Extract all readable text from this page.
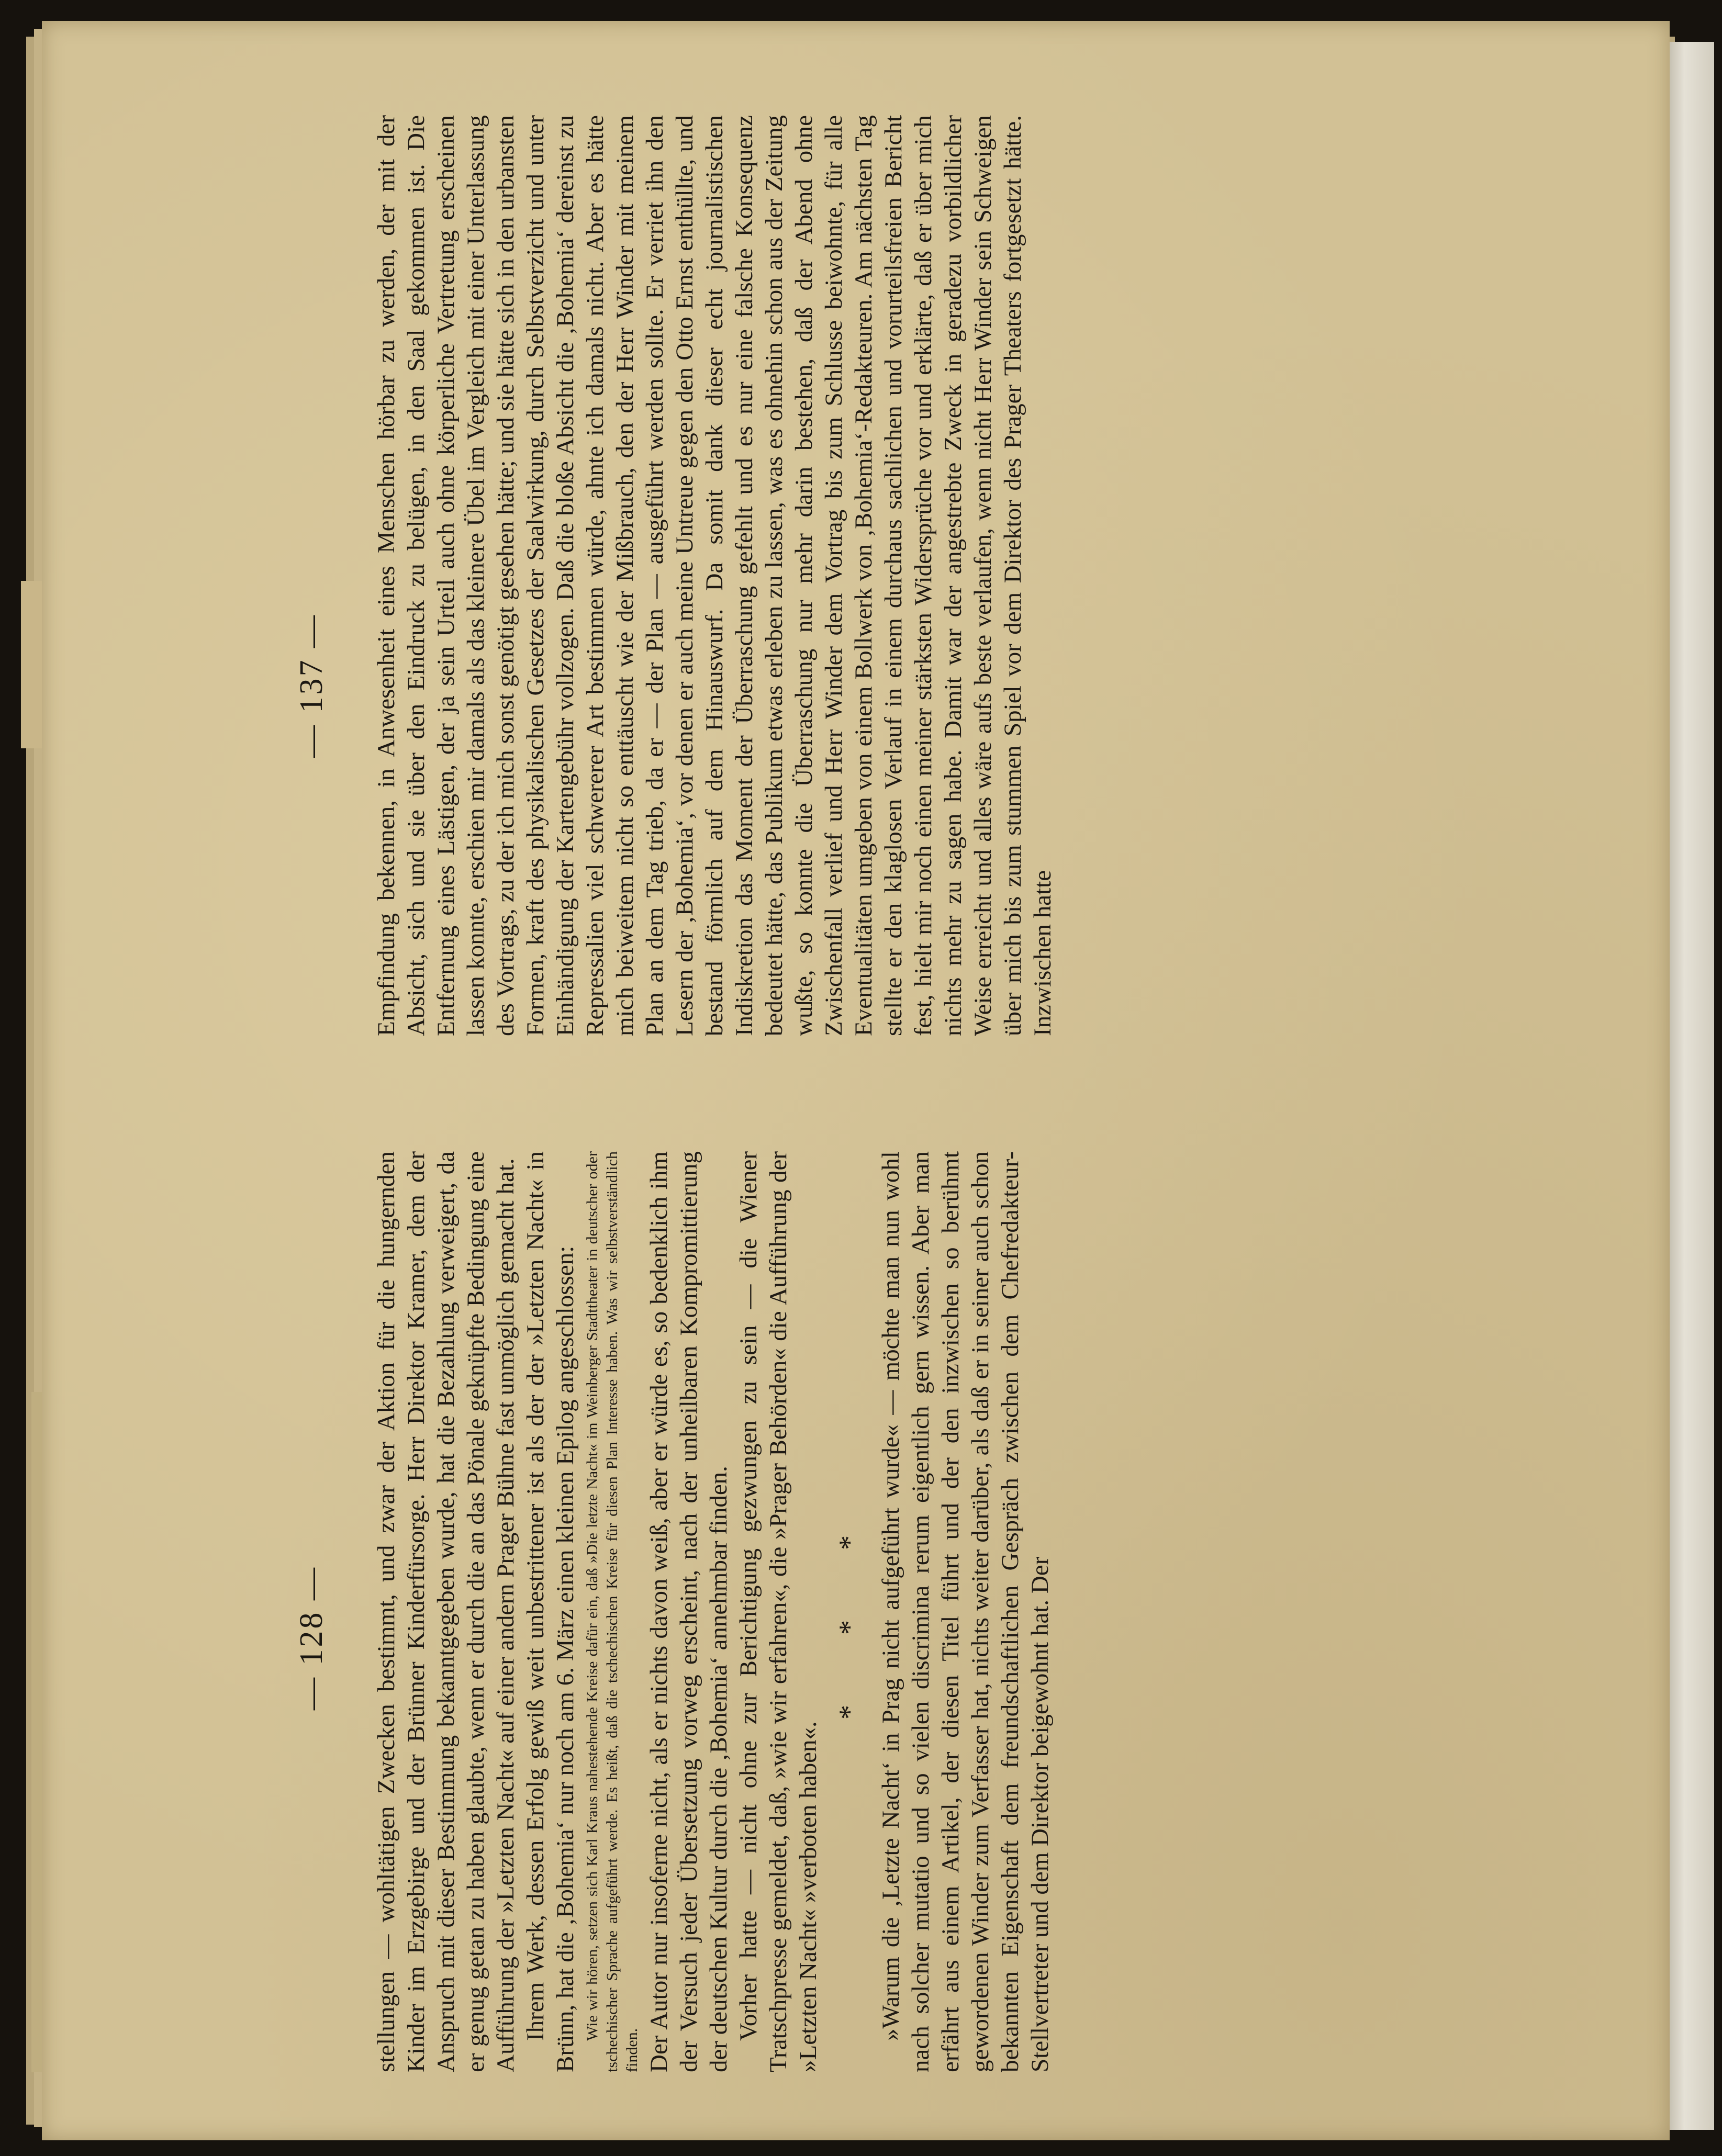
— 137 —
— 128 —

Empfindung bekennen, in Anwesenheit eines Menschen hörbar zu werden, der mit der Absicht, sich und sie über den Eindruck zu belügen, in den Saal gekommen ist. Die Entfernung eines Lästigen, der ja sein Urteil auch ohne körperliche Vertretung erscheinen lassen konnte, erschien mir damals als das kleinere Übel im Vergleich mit einer Unterlassung des Vortrags, zu der ich mich sonst genötigt gesehen hätte; und sie hätte sich in den urbansten Formen, kraft des physikalischen Gesetzes der Saalwirkung, durch Selbstverzicht und unter Einhändigung der Kartengebühr vollzogen. Daß die bloße Absicht die ‚Bohemia‘ dereinst zu Repressalien viel schwererer Art bestimmen würde, ahnte ich damals nicht. Aber es hätte mich beiweitem nicht so enttäuscht wie der Mißbrauch, den der Herr Winder mit meinem Plan an dem Tag trieb, da er — der Plan — ausgeführt werden sollte. Er verriet ihn den Lesern der ‚Bohemia‘, vor denen er auch meine Untreue gegen den Otto Ernst enthüllte, und bestand förmlich auf dem Hinauswurf. Da somit dank dieser echt journalistischen Indiskretion das Moment der Überraschung gefehlt und es nur eine falsche Konsequenz bedeutet hätte, das Publikum etwas erleben zu lassen, was es ohnehin schon aus der Zeitung wußte, so konnte die Überraschung nur mehr darin bestehen, daß der Abend ohne Zwischenfall verlief und Herr Winder dem Vortrag bis zum Schlusse beiwohnte, für alle Eventualitäten umgeben von einem Bollwerk von ‚Bohemia‘-Redakteuren. Am nächsten Tag stellte er den klaglosen Verlauf in einem durchaus sachlichen und vorurteilsfreien Bericht fest, hielt mir noch einen meiner stärksten Widersprüche vor und erklärte, daß er über mich nichts mehr zu sagen habe. Damit war der angestrebte Zweck in geradezu vorbildlicher Weise erreicht und alles wäre aufs beste verlaufen, wenn nicht Herr Winder sein Schweigen über mich bis zum stummen Spiel vor dem Direktor des Prager Theaters fortgesetzt hätte. Inzwischen hatte

stellungen — wohltätigen Zwecken bestimmt, und zwar der Aktion für die hungernden Kinder im Erzgebirge und der Brünner Kinderfürsorge. Herr Direktor Kramer, dem der Anspruch mit dieser Bestimmung bekanntgegeben wurde, hat die Bezahlung verweigert, da er genug getan zu haben glaubte, wenn er durch die an das Pönale geknüpfte Bedingung eine Aufführung der »Letzten Nacht« auf einer andern Prager Bühne fast unmöglich gemacht hat. Ihrem Werk, dessen Erfolg gewiß weit unbestrittener ist als der der »Letzten Nacht« in Brünn, hat die ‚Bohemia‘ nur noch am 6. März einen kleinen Epilog angeschlossen: Wie wir hören, setzen sich Karl Kraus nahestehende Kreise dafür ein, daß »Die letzte Nacht« im Weinberger Stadttheater in deutscher oder tschechischer Sprache aufgeführt werde. Es heißt, daß die tschechischen Kreise für diesen Plan Interesse haben. Was wir selbstverständlich finden. Der Autor nur insoferne nicht, als er nichts davon weiß, aber er würde es, so bedenklich ihm der Versuch jeder Übersetzung vorweg erscheint, nach der unheilbaren Kompromittierung der deutschen Kultur durch die ‚Bohemia‘ annehmbar finden. Vorher hatte — nicht ohne zur Berichtigung gezwungen zu sein — die Wiener Tratschpresse gemeldet, daß, »wie wir erfahren«, die »Prager Behörden« die Aufführung der »Letzten Nacht« »verboten haben«.

* * * »Warum die ‚Letzte Nacht‘ in Prag nicht aufgeführt wurde« — möchte man nun wohl nach solcher mutatio und so vielen discrimina rerum eigentlich gern wissen. Aber man erfährt aus einem Artikel, der diesen Titel führt und der den inzwischen so berühmt gewordenen Winder zum Verfasser hat, nichts weiter darüber, als daß er in seiner auch schon bekannten Eigenschaft dem freundschaftlichen Gespräch zwischen dem Chefredakteur-Stellvertreter und dem Direktor beigewohnt hat. Der
